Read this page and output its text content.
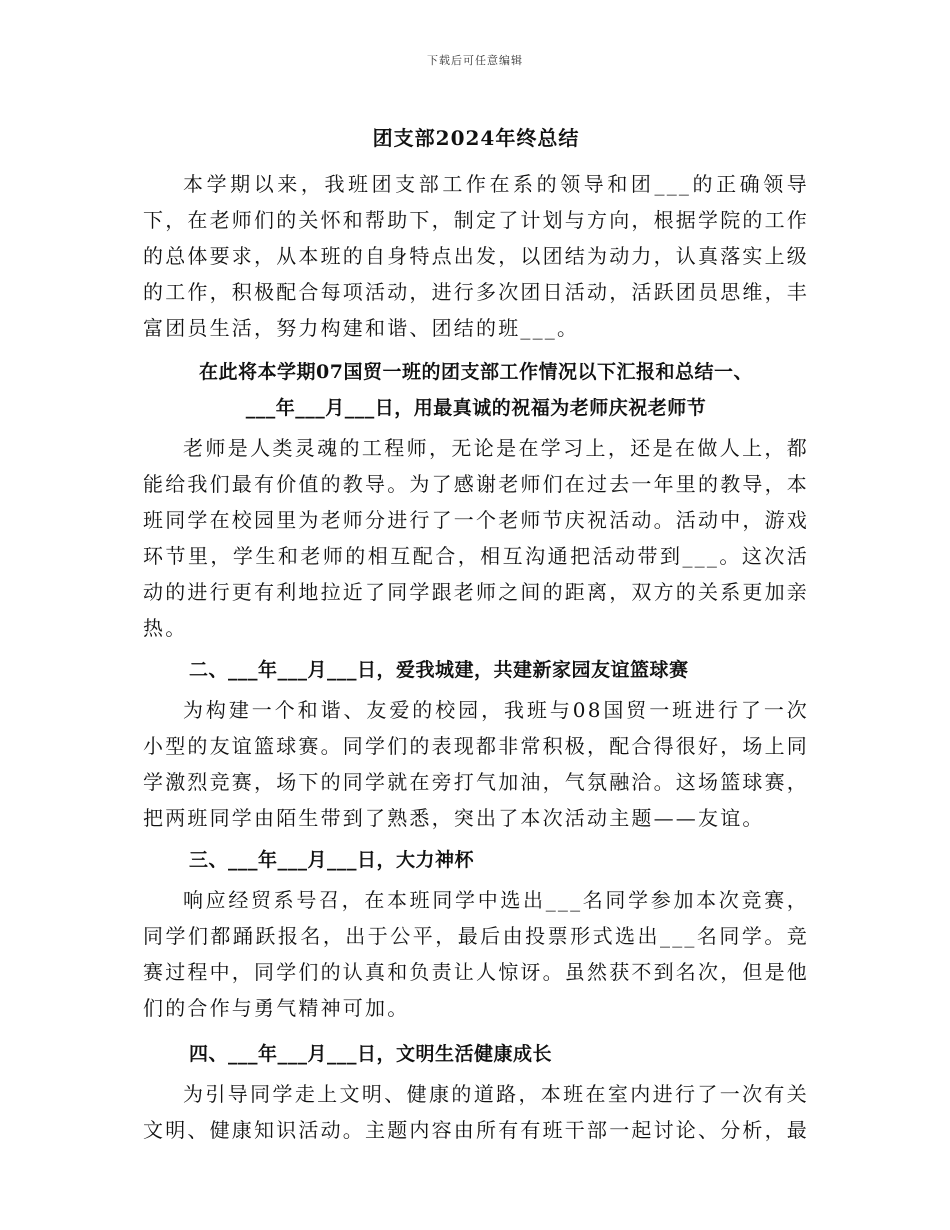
下载后可任意编辑
团支部2024年终总结

本学期以来，我班团支部工作在系的领导和团___的正确领导下，在老师们的关怀和帮助下，制定了计划与方向，根据学院的工作的总体要求，从本班的自身特点出发，以团结为动力，认真落实上级的工作，积极配合每项活动，进行多次团日活动，活跃团员思维，丰富团员生活，努力构建和谐、团结的班___。

在此将本学期07国贸一班的团支部工作情况以下汇报和总结一、
___年___月___日，用最真诚的祝福为老师庆祝老师节

老师是人类灵魂的工程师，无论是在学习上，还是在做人上，都能给我们最有价值的教导。为了感谢老师们在过去一年里的教导，本班同学在校园里为老师分进行了一个老师节庆祝活动。活动中，游戏环节里，学生和老师的相互配合，相互沟通把活动带到___。这次活动的进行更有利地拉近了同学跟老师之间的距离，双方的关系更加亲热。

二、___年___月___日，爱我城建，共建新家园友谊篮球赛

为构建一个和谐、友爱的校园，我班与08国贸一班进行了一次小型的友谊篮球赛。同学们的表现都非常积极，配合得很好，场上同学激烈竞赛，场下的同学就在旁打气加油，气氛融洽。这场篮球赛，把两班同学由陌生带到了熟悉，突出了本次活动主题——友谊。

三、___年___月___日，大力神杯

响应经贸系号召，在本班同学中选出___名同学参加本次竞赛，同学们都踊跃报名，出于公平，最后由投票形式选出___名同学。竞赛过程中，同学们的认真和负责让人惊讶。虽然获不到名次，但是他们的合作与勇气精神可加。

四、___年___月___日，文明生活健康成长

为引导同学走上文明、健康的道路，本班在室内进行了一次有关文明、健康知识活动。主题内容由所有有班干部一起讨论、分析，最
